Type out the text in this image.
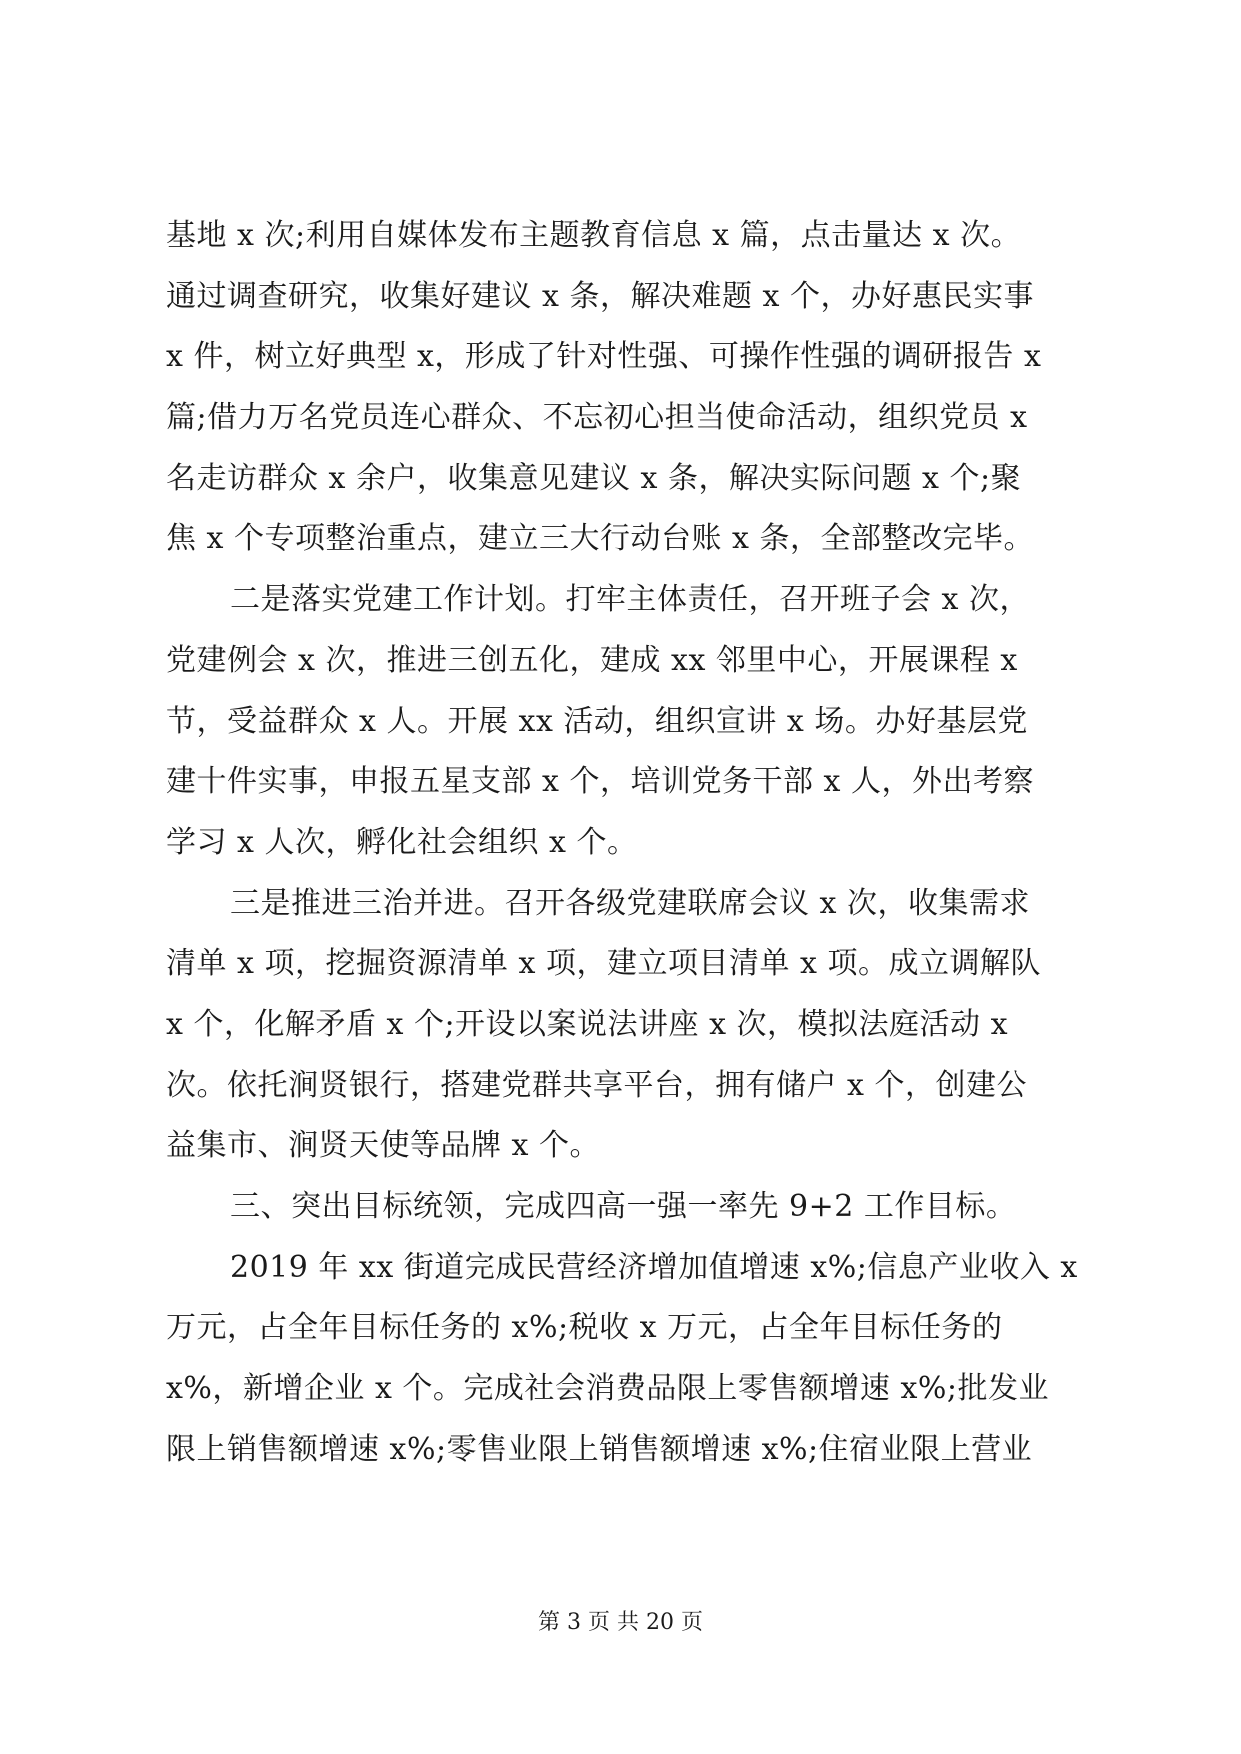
基地 x 次;利用自媒体发布主题教育信息 x 篇，点击量达 x 次。
通过调查研究，收集好建议 x 条，解决难题 x 个，办好惠民实事
x 件，树立好典型 x，形成了针对性强、可操作性强的调研报告 x
篇;借力万名党员连心群众、不忘初心担当使命活动，组织党员 x
名走访群众 x 余户，收集意见建议 x 条，解决实际问题 x 个;聚
焦 x 个专项整治重点，建立三大行动台账 x 条，全部整改完毕。
二是落实党建工作计划。打牢主体责任，召开班子会 x 次，
党建例会 x 次，推进三创五化，建成 xx 邻里中心，开展课程 x
节，受益群众 x 人。开展 xx 活动，组织宣讲 x 场。办好基层党
建十件实事，申报五星支部 x 个，培训党务干部 x 人，外出考察
学习 x 人次，孵化社会组织 x 个。
三是推进三治并进。召开各级党建联席会议 x 次，收集需求
清单 x 项，挖掘资源清单 x 项，建立项目清单 x 项。成立调解队
x 个，化解矛盾 x 个;开设以案说法讲座 x 次，模拟法庭活动 x
次。依托涧贤银行，搭建党群共享平台，拥有储户 x 个，创建公
益集市、涧贤天使等品牌 x 个。
三、突出目标统领，完成四高一强一率先 9+2 工作目标。
2019 年 xx 街道完成民营经济增加值增速 x%;信息产业收入 x
万元，占全年目标任务的 x%;税收 x 万元，占全年目标任务的
x%，新增企业 x 个。完成社会消费品限上零售额增速 x%;批发业
限上销售额增速 x%;零售业限上销售额增速 x%;住宿业限上营业
第 3 页 共 20 页
